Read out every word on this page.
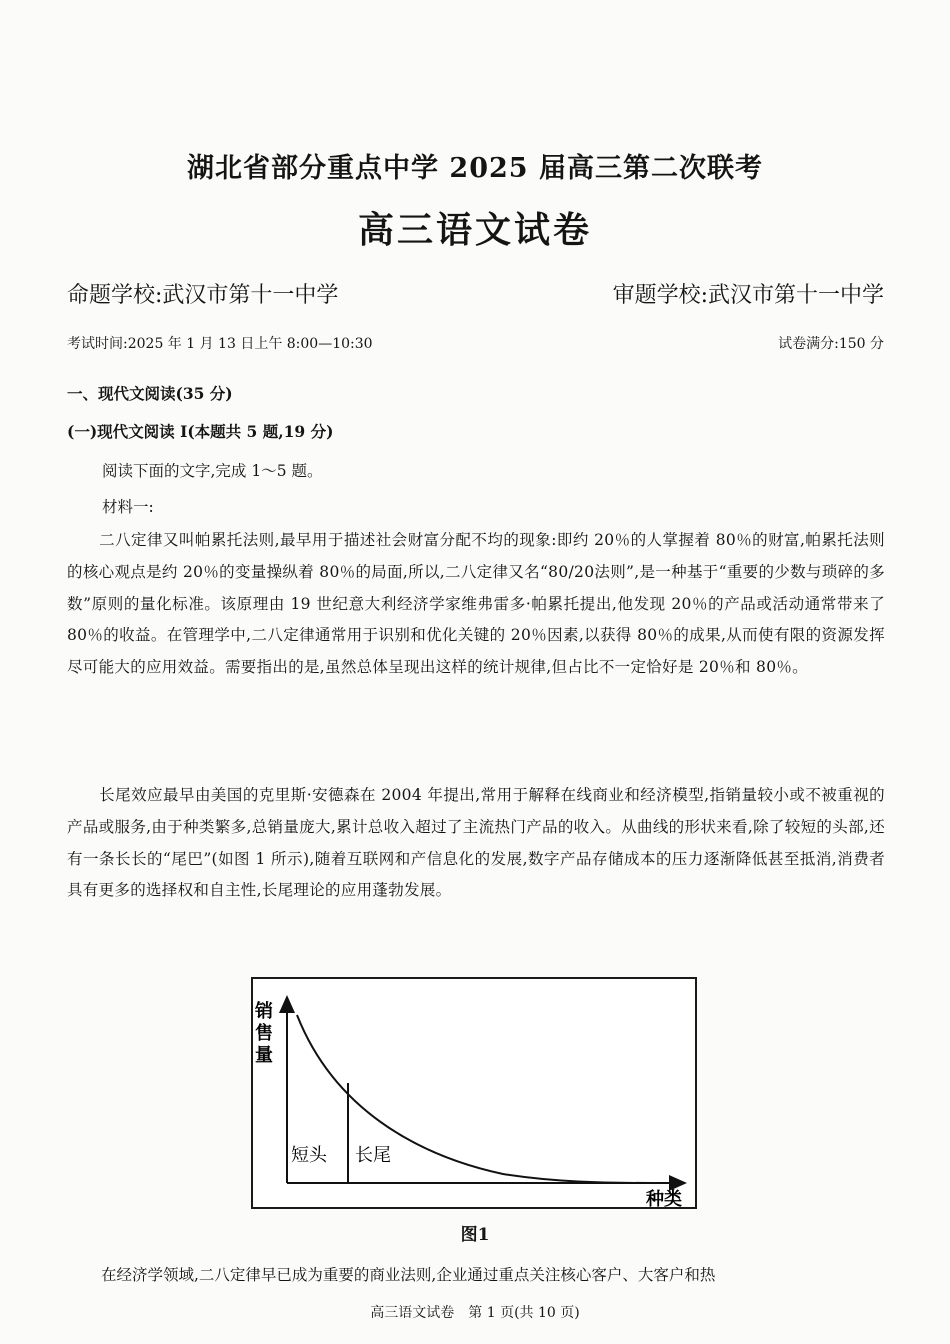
湖北省部分重点中学 2025 届高三第二次联考
高三语文试卷
命题学校:武汉市第十一中学	审题学校:武汉市第十一中学
考试时间:2025 年 1 月 13 日上午 8:00—10:30	试卷满分:150 分
一、现代文阅读(35 分)
(一)现代文阅读 I(本题共 5 题,19 分)
阅读下面的文字,完成 1～5 题。
材料一:
二八定律又叫帕累托法则,最早用于描述社会财富分配不均的现象:即约 20％的人掌握着 80％的财富,帕累托法则的核心观点是约 20％的变量操纵着 80％的局面,所以,二八定律又名“80/20法则”,是一种基于“重要的少数与琐碎的多数”原则的量化标准。该原理由 19 世纪意大利经济学家维弗雷多·帕累托提出,他发现 20％的产品或活动通常带来了 80％的收益。在管理学中,二八定律通常用于识别和优化关键的 20％因素,以获得 80％的成果,从而使有限的资源发挥尽可能大的应用效益。需要指出的是,虽然总体呈现出这样的统计规律,但占比不一定恰好是 20％和 80％。
长尾效应最早由美国的克里斯·安德森在 2004 年提出,常用于解释在线商业和经济模型,指销量较小或不被重视的产品或服务,由于种类繁多,总销量庞大,累计总收入超过了主流热门产品的收入。从曲线的形状来看,除了较短的头部,还有一条长长的“尾巴”(如图 1 所示),随着互联网和产信息化的发展,数字产品存储成本的压力逐渐降低甚至抵消,消费者具有更多的选择权和自主性,长尾理论的应用蓬勃发展。
销
售
量
短头 长尾
种类
图1
在经济学领域,二八定律早已成为重要的商业法则,企业通过重点关注核心客户、大客户和热
高三语文试卷　第 1 页(共 10 页)
